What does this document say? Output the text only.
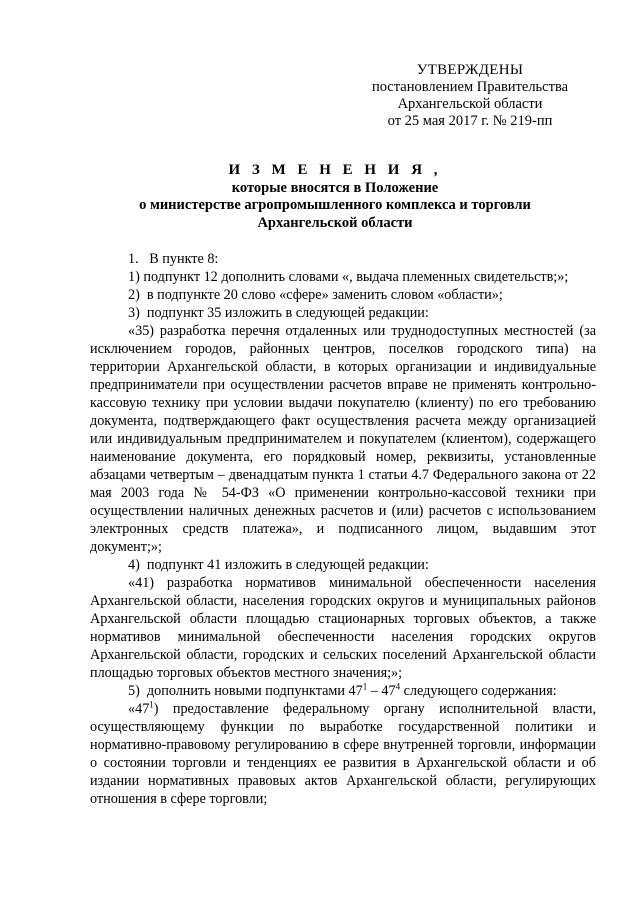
УТВЕРЖДЕНЫ
постановлением Правительства
Архангельской области
от 25 мая 2017 г. № 219-пп
И З М Е Н Е Н И Я ,
которые вносятся в Положение
о министерстве агропромышленного комплекса и торговли
Архангельской области

1.   В пункте 8:

1) подпункт 12 дополнить словами «, выдача племенных свидетельств;»;

2)  в подпункте 20 слово «сфере» заменить словом «области»;

3)  подпункт 35 изложить в следующей редакции:

«35) разработка перечня отдаленных или труднодоступных местностей (за исключением городов, районных центров, поселков городского типа) на территории Архангельской области, в которых организации и индивидуальные предприниматели при осуществлении расчетов вправе не применять контрольно-кассовую технику при условии выдачи покупателю (клиенту) по его требованию документа, подтверждающего факт осуществления расчета между организацией или индивидуальным предпринимателем и покупателем (клиентом), содержащего наименование документа, его порядковый номер, реквизиты, установленные абзацами четвертым – двенадцатым пункта 1 статьи 4.7 Федерального закона от 22 мая 2003 года № 54-ФЗ «О применении контрольно-кассовой техники при осуществлении наличных денежных расчетов и (или) расчетов с использованием электронных средств платежа», и подписанного лицом, выдавшим этот документ;»;

4)  подпункт 41 изложить в следующей редакции:

«41) разработка нормативов минимальной обеспеченности населения Архангельской области, населения городских округов и муниципальных районов Архангельской области площадью стационарных торговых объектов, а также нормативов минимальной обеспеченности населения городских округов Архангельской области, городских и сельских поселений Архангельской области площадью торговых объектов местного значения;»;

5)  дополнить новыми подпунктами $47^1 - 47^4$ следующего содержания:

«$47^1$) предоставление федеральному органу исполнительной власти, осуществляющему функции по выработке государственной политики и нормативно-правовому регулированию в сфере внутренней торговли, информации о состоянии торговли и тенденциях ее развития в Архангельской области и об издании нормативных правовых актов Архангельской области, регулирующих отношения в сфере торговли;
